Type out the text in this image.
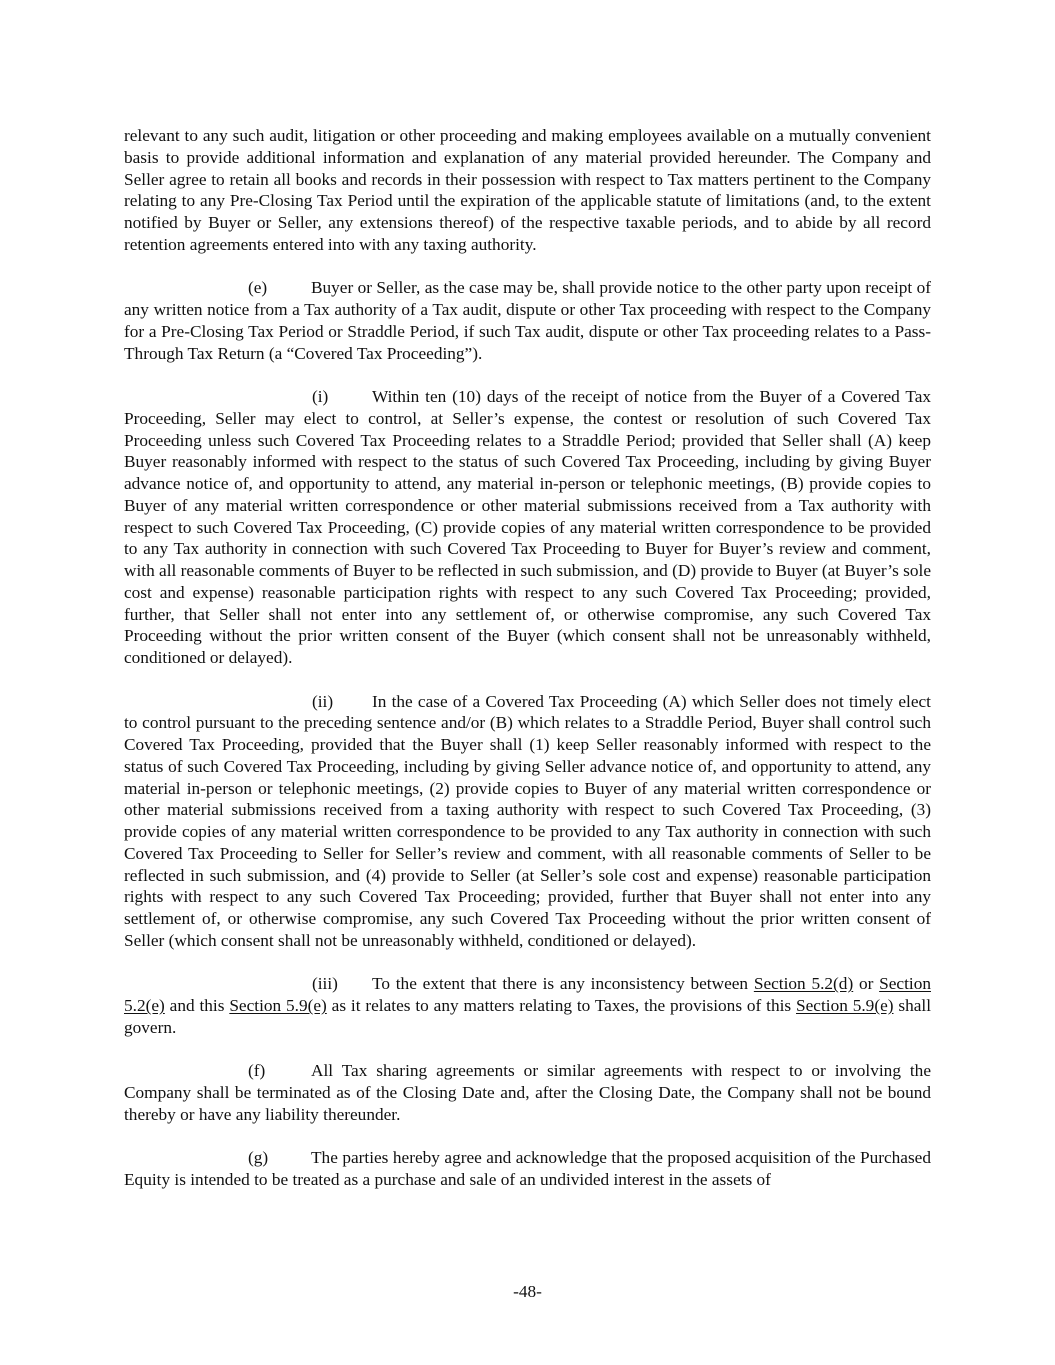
relevant to any such audit, litigation or other proceeding and making employees available on a mutually convenient basis to provide additional information and explanation of any material provided hereunder. The Company and Seller agree to retain all books and records in their possession with respect to Tax matters pertinent to the Company relating to any Pre-Closing Tax Period until the expiration of the applicable statute of limitations (and, to the extent notified by Buyer or Seller, any extensions thereof) of the respective taxable periods, and to abide by all record retention agreements entered into with any taxing authority.

(e)	Buyer or Seller, as the case may be, shall provide notice to the other party upon receipt of any written notice from a Tax authority of a Tax audit, dispute or other Tax proceeding with respect to the Company for a Pre-Closing Tax Period or Straddle Period, if such Tax audit, dispute or other Tax proceeding relates to a Pass-Through Tax Return (a “Covered Tax Proceeding”).

(i)	Within ten (10) days of the receipt of notice from the Buyer of a Covered Tax Proceeding, Seller may elect to control, at Seller’s expense, the contest or resolution of such Covered Tax Proceeding unless such Covered Tax Proceeding relates to a Straddle Period; provided that Seller shall (A) keep Buyer reasonably informed with respect to the status of such Covered Tax Proceeding, including by giving Buyer advance notice of, and opportunity to attend, any material in-person or telephonic meetings, (B) provide copies to Buyer of any material written correspondence or other material submissions received from a Tax authority with respect to such Covered Tax Proceeding, (C) provide copies of any material written correspondence to be provided to any Tax authority in connection with such Covered Tax Proceeding to Buyer for Buyer’s review and comment, with all reasonable comments of Buyer to be reflected in such submission, and (D) provide to Buyer (at Buyer’s sole cost and expense) reasonable participation rights with respect to any such Covered Tax Proceeding; provided, further, that Seller shall not enter into any settlement of, or otherwise compromise, any such Covered Tax Proceeding without the prior written consent of the Buyer (which consent shall not be unreasonably withheld, conditioned or delayed).

(ii) In the case of a Covered Tax Proceeding (A) which Seller does not timely elect to control pursuant to the preceding sentence and/or (B) which relates to a Straddle Period, Buyer shall control such Covered Tax Proceeding, provided that the Buyer shall (1) keep Seller reasonably informed with respect to the status of such Covered Tax Proceeding, including by giving Seller advance notice of, and opportunity to attend, any material in-person or telephonic meetings, (2) provide copies to Buyer of any material written correspondence or other material submissions received from a taxing authority with respect to such Covered Tax Proceeding, (3) provide copies of any material written correspondence to be provided to any Tax authority in connection with such Covered Tax Proceeding to Seller for Seller’s review and comment, with all reasonable comments of Seller to be reflected in such submission, and (4) provide to Seller (at Seller’s sole cost and expense) reasonable participation rights with respect to any such Covered Tax Proceeding; provided, further that Buyer shall not enter into any settlement of, or otherwise compromise, any such Covered Tax Proceeding without the prior written consent of Seller (which consent shall not be unreasonably withheld, conditioned or delayed).

(iii) To the extent that there is any inconsistency between Section 5.2(d) or Section 5.2(e) and this Section 5.9(e) as it relates to any matters relating to Taxes, the provisions of this Section 5.9(e) shall govern.

(f)	All Tax sharing agreements or similar agreements with respect to or involving the Company shall be terminated as of the Closing Date and, after the Closing Date, the Company shall not be bound thereby or have any liability thereunder.

(g) The parties hereby agree and acknowledge that the proposed acquisition of the Purchased Equity is intended to be treated as a purchase and sale of an undivided interest in the assets of

-48-
